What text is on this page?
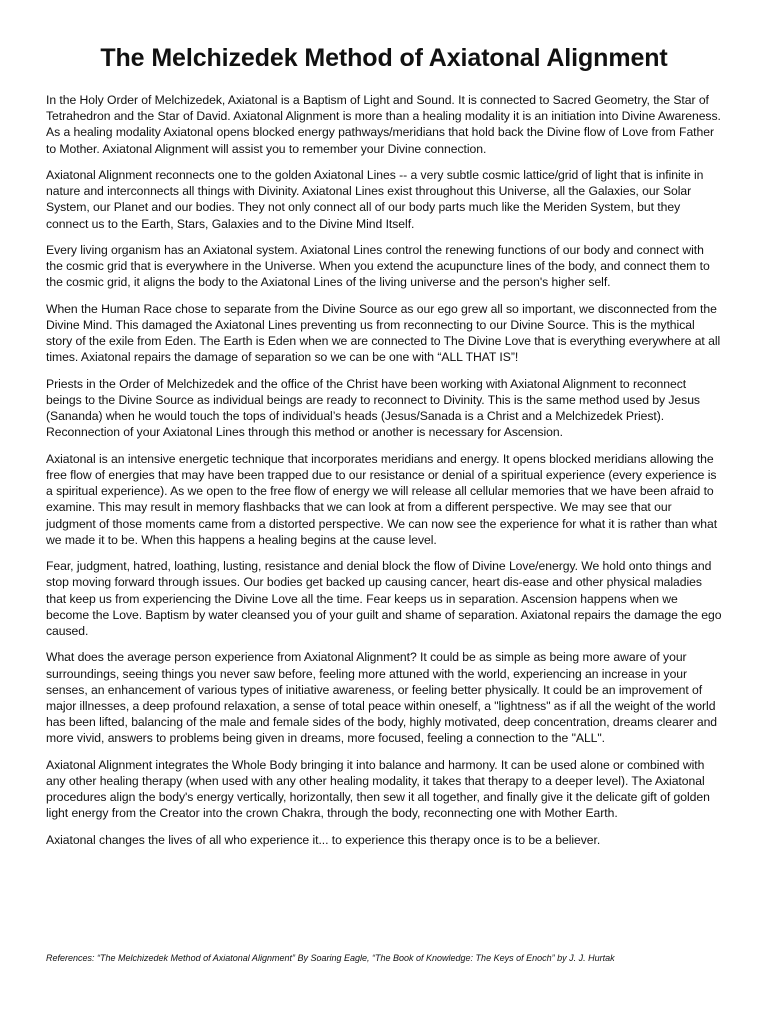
The Melchizedek Method of Axiatonal Alignment

In the Holy Order of Melchizedek, Axiatonal is a Baptism of Light and Sound. It is connected to Sacred Geometry, the Star of Tetrahedron and the Star of David. Axiatonal Alignment is more than a healing modality it is an initiation into Divine Awareness. As a healing modality Axiatonal opens blocked energy pathways/meridians that hold back the Divine flow of Love from Father to Mother. Axiatonal Alignment will assist you to remember your Divine connection.

Axiatonal Alignment reconnects one to the golden Axiatonal Lines -- a very subtle cosmic lattice/grid of light that is infinite in nature and interconnects all things with Divinity. Axiatonal Lines exist throughout this Universe, all the Galaxies, our Solar System, our Planet and our bodies. They not only connect all of our body parts much like the Meriden System, but they connect us to the Earth, Stars, Galaxies and to the Divine Mind Itself.

Every living organism has an Axiatonal system. Axiatonal Lines control the renewing functions of our body and connect with the cosmic grid that is everywhere in the Universe. When you extend the acupuncture lines of the body, and connect them to the cosmic grid, it aligns the body to the Axiatonal Lines of the living universe and the person's higher self.

When the Human Race chose to separate from the Divine Source as our ego grew all so important, we disconnected from the Divine Mind. This damaged the Axiatonal Lines preventing us from reconnecting to our Divine Source. This is the mythical story of the exile from Eden. The Earth is Eden when we are connected to The Divine Love that is everything everywhere at all times. Axiatonal repairs the damage of separation so we can be one with “ALL THAT IS”!

Priests in the Order of Melchizedek and the office of the Christ have been working with Axiatonal Alignment to reconnect beings to the Divine Source as individual beings are ready to reconnect to Divinity. This is the same method used by Jesus (Sananda) when he would touch the tops of individual’s heads (Jesus/Sanada is a Christ and a Melchizedek Priest). Reconnection of your Axiatonal Lines through this method or another is necessary for Ascension.

Axiatonal is an intensive energetic technique that incorporates meridians and energy. It opens blocked meridians allowing the free flow of energies that may have been trapped due to our resistance or denial of a spiritual experience (every experience is a spiritual experience). As we open to the free flow of energy we will release all cellular memories that we have been afraid to examine. This may result in memory flashbacks that we can look at from a different perspective. We may see that our judgment of those moments came from a distorted perspective. We can now see the experience for what it is rather than what we made it to be. When this happens a healing begins at the cause level.

Fear, judgment, hatred, loathing, lusting, resistance and denial block the flow of Divine Love/energy. We hold onto things and stop moving forward through issues. Our bodies get backed up causing cancer, heart dis-ease and other physical maladies that keep us from experiencing the Divine Love all the time. Fear keeps us in separation. Ascension happens when we become the Love. Baptism by water cleansed you of your guilt and shame of separation. Axiatonal repairs the damage the ego caused.

What does the average person experience from Axiatonal Alignment? It could be as simple as being more aware of your surroundings, seeing things you never saw before, feeling more attuned with the world, experiencing an increase in your senses, an enhancement of various types of initiative awareness, or feeling better physically. It could be an improvement of major illnesses, a deep profound relaxation, a sense of total peace within oneself, a "lightness" as if all the weight of the world has been lifted, balancing of the male and female sides of the body, highly motivated, deep concentration, dreams clearer and more vivid, answers to problems being given in dreams, more focused, feeling a connection to the "ALL".

Axiatonal Alignment integrates the Whole Body bringing it into balance and harmony. It can be used alone or combined with any other healing therapy (when used with any other healing modality, it takes that therapy to a deeper level). The Axiatonal procedures align the body's energy vertically, horizontally, then sew it all together, and finally give it the delicate gift of golden light energy from the Creator into the crown Chakra, through the body, reconnecting one with Mother Earth.

Axiatonal changes the lives of all who experience it... to experience this therapy once is to be a believer.

References: “The Melchizedek Method of Axiatonal Alignment” By Soaring Eagle, “The Book of Knowledge: The Keys of Enoch” by J. J. Hurtak
